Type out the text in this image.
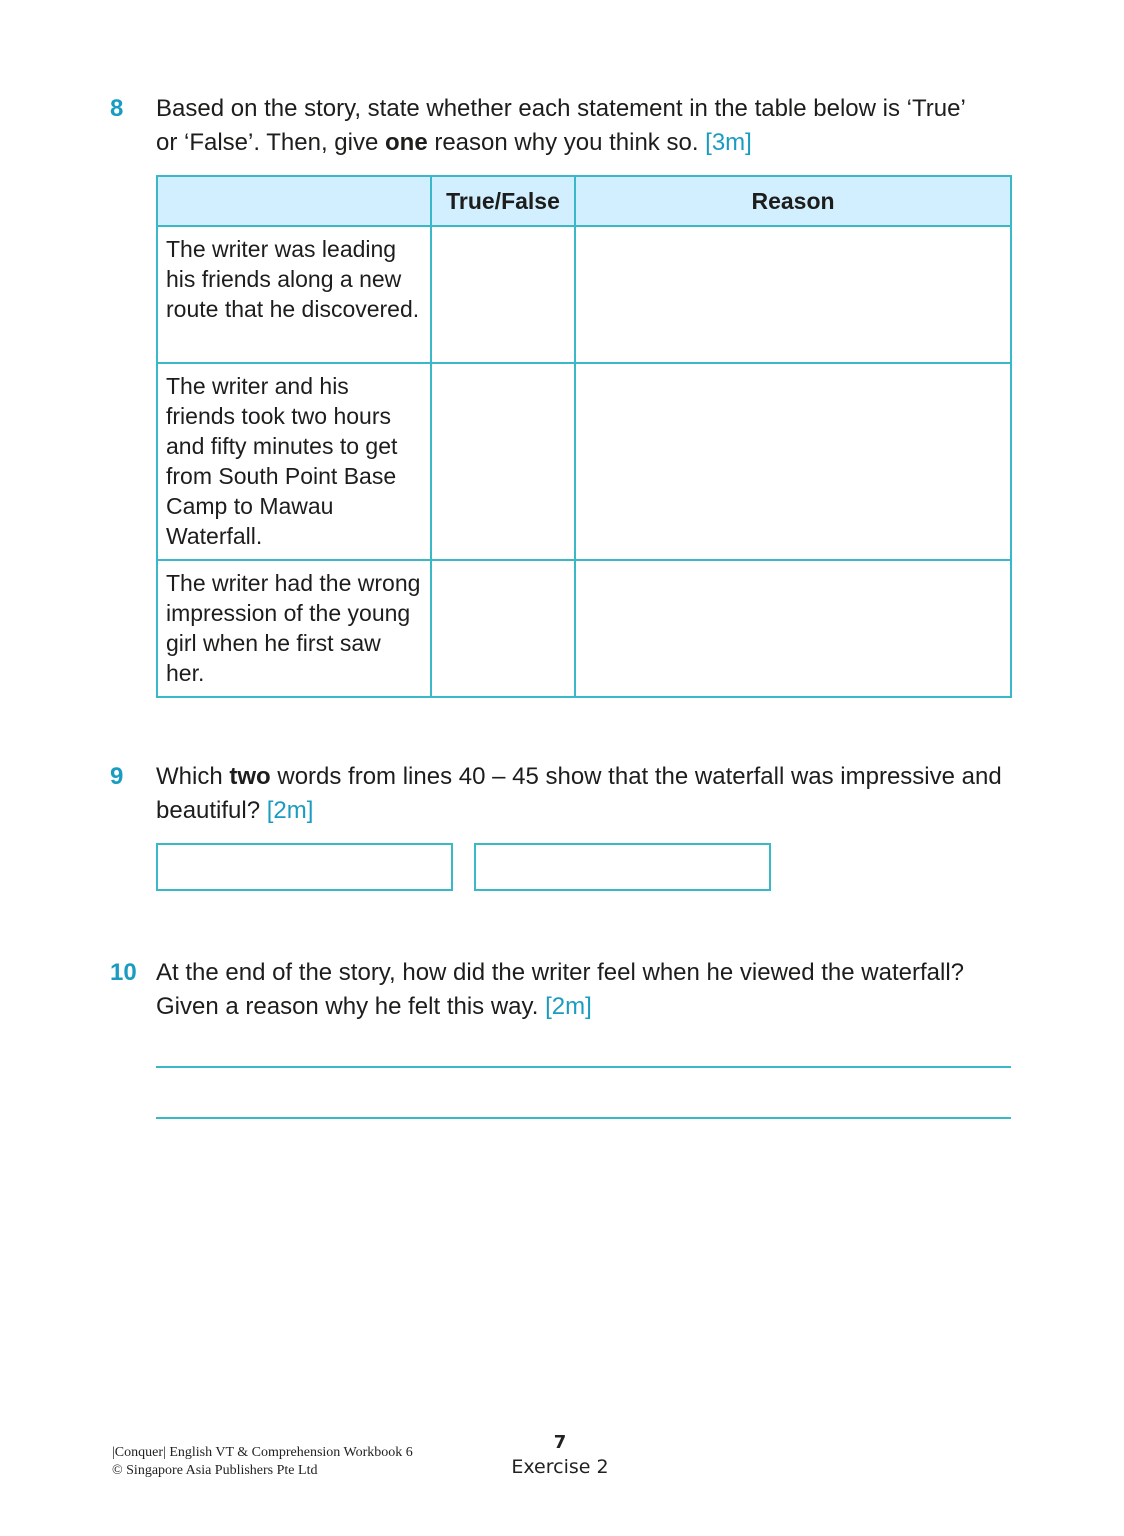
8 Based on the story, state whether each statement in the table below is ‘True’
or ‘False’. Then, give one reason why you think so. [3m]
	True/False	Reason
The writer was leading his friends along a new route that he discovered.		
The writer and his friends took two hours and fifty minutes to get from South Point Base Camp to Mawau Waterfall.		
The writer had the wrong impression of the young girl when he first saw her.		
9 Which two words from lines 40 – 45 show that the waterfall was impressive and beautiful? [2m]
10 At the end of the story, how did the writer feel when he viewed the waterfall? Given a reason why he felt this way. [2m]
|Conquer| English VT & Comprehension Workbook 6
© Singapore Asia Publishers Pte Ltd
7
Exercise 2
